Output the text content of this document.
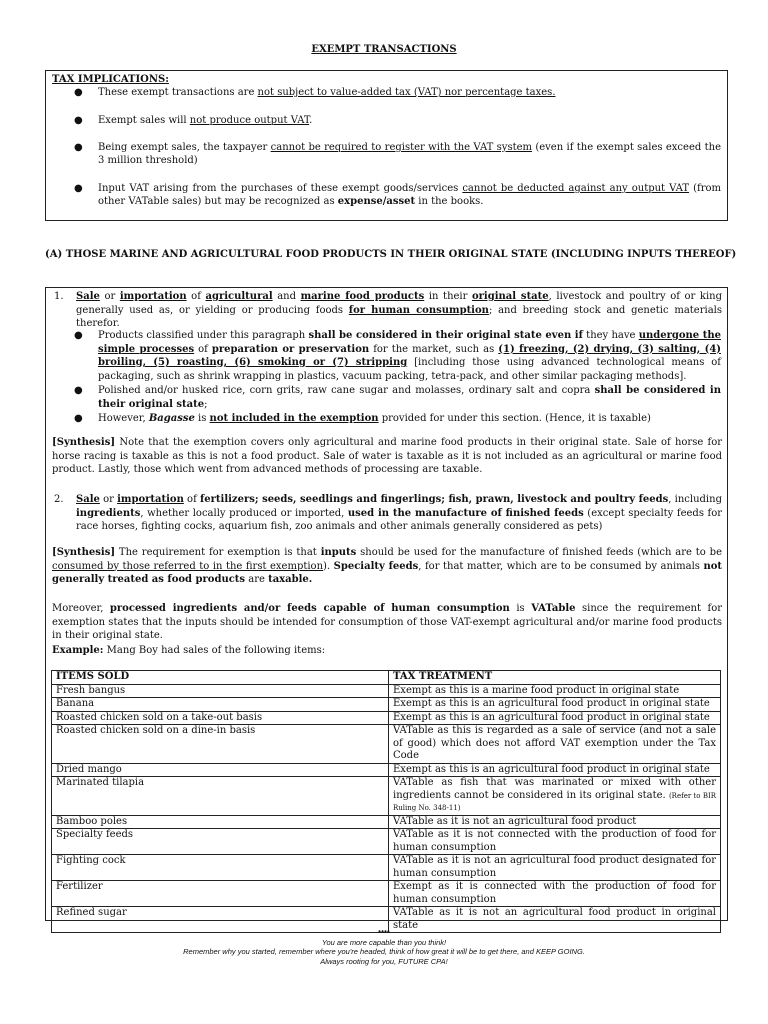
EXEMPT TRANSACTIONS
TAX IMPLICATIONS:
● These exempt transactions are not subject to value-added tax (VAT) nor percentage taxes.
● Exempt sales will not produce output VAT.
● Being exempt sales, the taxpayer cannot be required to register with the VAT system (even if the exempt sales exceed the 3 million threshold)
● Input VAT arising from the purchases of these exempt goods/services cannot be deducted against any output VAT (from other VATable sales) but may be recognized as expense/asset in the books.
(A) THOSE MARINE AND AGRICULTURAL FOOD PRODUCTS IN THEIR ORIGINAL STATE (INCLUDING INPUTS THEREOF)
1. Sale or importation of agricultural and marine food products in their original state, livestock and poultry of or king generally used as, or yielding or producing foods for human consumption; and breeding stock and genetic materials therefor.
● Products classified under this paragraph shall be considered in their original state even if they have undergone the simple processes of preparation or preservation for the market, such as (1) freezing, (2) drying, (3) salting, (4) broiling, (5) roasting, (6) smoking or (7) stripping [including those using advanced technological means of packaging, such as shrink wrapping in plastics, vacuum packing, tetra-pack, and other similar packaging methods].
● Polished and/or husked rice, corn grits, raw cane sugar and molasses, ordinary salt and copra shall be considered in their original state;
● However, Bagasse is not included in the exemption provided for under this section. (Hence, it is taxable)
[Synthesis] Note that the exemption covers only agricultural and marine food products in their original state. Sale of horse for horse racing is taxable as this is not a food product. Sale of water is taxable as it is not included as an agricultural or marine food product. Lastly, those which went from advanced methods of processing are taxable.
2. Sale or importation of fertilizers; seeds, seedlings and fingerlings; fish, prawn, livestock and poultry feeds, including ingredients, whether locally produced or imported, used in the manufacture of finished feeds (except specialty feeds for race horses, fighting cocks, aquarium fish, zoo animals and other animals generally considered as pets)
[Synthesis] The requirement for exemption is that inputs should be used for the manufacture of finished feeds (which are to be consumed by those referred to in the first exemption). Specialty feeds, for that matter, which are to be consumed by animals not generally treated as food products are taxable.
Moreover, processed ingredients and/or feeds capable of human consumption is VATable since the requirement for exemption states that the inputs should be intended for consumption of those VAT-exempt agricultural and/or marine food products in their original state.
Example: Mang Boy had sales of the following items:
ITEMS SOLD	TAX TREATMENT
Fresh bangus	Exempt as this is a marine food product in original state
Banana	Exempt as this is an agricultural food product in original state
Roasted chicken sold on a take-out basis	Exempt as this is an agricultural food product in original state
Roasted chicken sold on a dine-in basis	VATable as this is regarded as a sale of service (and not a sale of good) which does not afford VAT exemption under the Tax Code
Dried mango	Exempt as this is an agricultural food product in original state
Marinated tilapia	VATable as fish that was marinated or mixed with other ingredients cannot be considered in its original state. (Refer to BIR Ruling No. 348-11)
Bamboo poles	VATable as it is not an agricultural food product
Specialty feeds	VATable as it is not connected with the production of food for human consumption
Fighting cock	VATable as it is not an agricultural food product designated for human consumption
Fertilizer	Exempt as it is connected with the production of food for human consumption
Refined sugar	VATable as it is not an agricultural food product in original state
****
You are more capable than you think!
Remember why you started, remember where you're headed, think of how great it will be to get there, and KEEP GOING.
Always rooting for you, FUTURE CPA!
